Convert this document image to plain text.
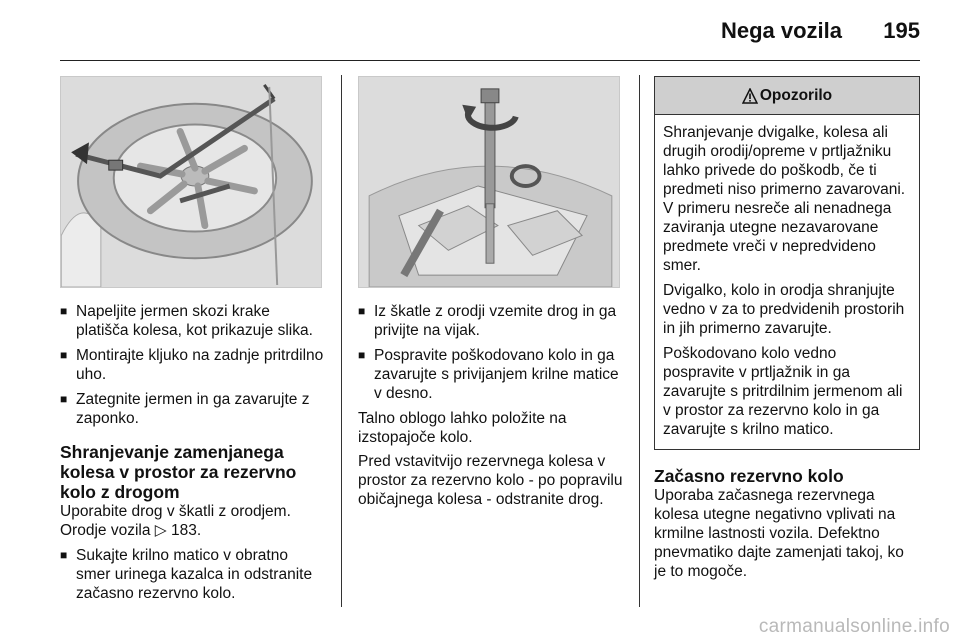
Nega vozila 195
■ Napeljite jermen skozi krake platišča kolesa, kot prikazuje slika.
■ Montirajte kljuko na zadnje pritrdilno uho.
■ Zategnite jermen in ga zavarujte z zaponko.
Shranjevanje zamenjanega kolesa v prostor za rezervno kolo z drogom
Uporabite drog v škatli z orodjem.
Orodje vozila ▷ 183.
■ Sukajte krilno matico v obratno smer urinega kazalca in odstranite začasno rezervno kolo.
■ Iz škatle z orodji vzemite drog in ga privijte na vijak.
■ Pospravite poškodovano kolo in ga zavarujte s privijanjem krilne matice v desno.
Talno oblogo lahko položite na izstopajoče kolo.
Pred vstavitvijo rezervnega kolesa v prostor za rezervno kolo - po popravilu običajnega kolesa - odstranite drog.
Opozorilo

Shranjevanje dvigalke, kolesa ali drugih orodij/opreme v prtljažniku lahko privede do poškodb, če ti predmeti niso primerno zavarovani. V primeru nesreče ali nenadnega zaviranja utegne nezavarovane predmete vreči v nepredvideno smer.

Dvigalko, kolo in orodja shranjujte vedno v za to predvidenih prostorih in jih primerno zavarujte.

Poškodovano kolo vedno pospravite v prtljažnik in ga zavarujte s pritrdilnim jermenom ali v prostor za rezervno kolo in ga zavarujte s krilno matico.

Začasno rezervno kolo
Uporaba začasnega rezervnega kolesa utegne negativno vplivati na krmilne lastnosti vozila. Defektno pnevmatiko dajte zamenjati takoj, ko je to mogoče.
carmanualsonline.info
